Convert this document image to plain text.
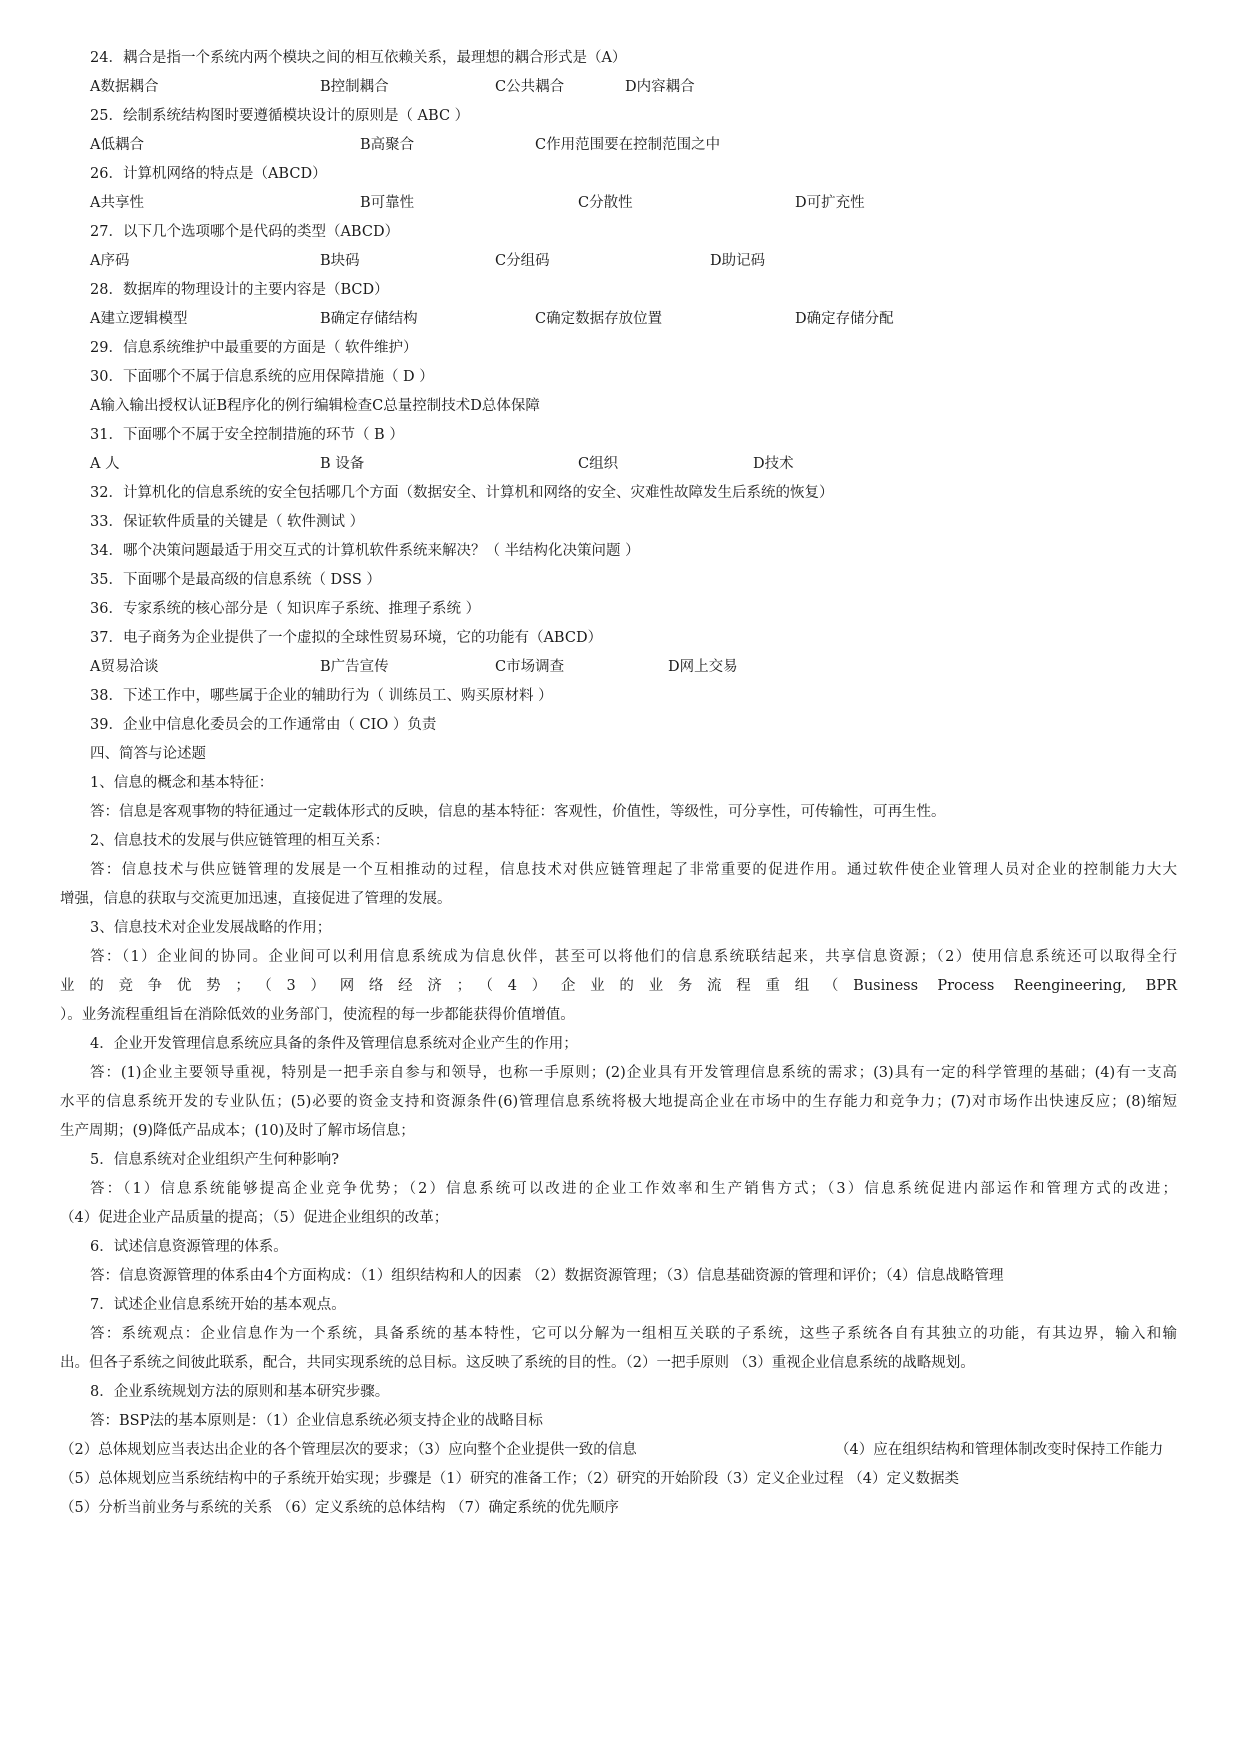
24．耦合是指一个系统内两个模块之间的相互依赖关系，最理想的耦合形式是（A）
A数据耦合	B控制耦合	C公共耦合	D内容耦合
25．绘制系统结构图时要遵循模块设计的原则是（ ABC ）
A低耦合	B高聚合	C作用范围要在控制范围之中
26．计算机网络的特点是（ABCD）
A共享性	B可靠性	C分散性	D可扩充性
27．以下几个选项哪个是代码的类型（ABCD）
A序码	B块码	C分组码	D助记码
28．数据库的物理设计的主要内容是（BCD）
A建立逻辑模型	B确定存储结构	C确定数据存放位置	D确定存储分配
29．信息系统维护中最重要的方面是（ 软件维护）
30．下面哪个不属于信息系统的应用保障措施（ D ）
A输入输出授权认证B程序化的例行编辑检查C总量控制技术D总体保障
31．下面哪个不属于安全控制措施的环节（ B ）
A 人	B 设备	C组织	D技术
32．计算机化的信息系统的安全包括哪几个方面（数据安全、计算机和网络的安全、灾难性故障发生后系统的恢复）
33．保证软件质量的关键是（ 软件测试 ）
34．哪个决策问题最适于用交互式的计算机软件系统来解决？（ 半结构化决策问题 ）
35．下面哪个是最高级的信息系统（ DSS ）
36．专家系统的核心部分是（ 知识库子系统、推理子系统 ）
37．电子商务为企业提供了一个虚拟的全球性贸易环境，它的功能有（ABCD）
A贸易洽谈	B广告宣传	C市场调查	D网上交易
38．下述工作中，哪些属于企业的辅助行为（ 训练员工、购买原材料 ）
39．企业中信息化委员会的工作通常由（ CIO ）负责
四、简答与论述题
1、信息的概念和基本特征：
答：信息是客观事物的特征通过一定载体形式的反映，信息的基本特征：客观性，价值性，等级性，可分享性，可传输性，可再生性。
2、信息技术的发展与供应链管理的相互关系：
答：信息技术与供应链管理的发展是一个互相推动的过程，信息技术对供应链管理起了非常重要的促进作用。通过软件使企业管理人员对企业的控制能力大大
增强，信息的获取与交流更加迅速，直接促进了管理的发展。
3、信息技术对企业发展战略的作用；
答：（1）企业间的协同。企业间可以利用信息系统成为信息伙伴，甚至可以将他们的信息系统联结起来，共享信息资源；（2）使用信息系统还可以取得全行
业的竞争优势；（3）网络经济；（4）企业的业务流程重组（Business Process Reengineering, BPR
）。业务流程重组旨在消除低效的业务部门，使流程的每一步都能获得价值增值。
4．企业开发管理信息系统应具备的条件及管理信息系统对企业产生的作用；
答：(1)企业主要领导重视，特别是一把手亲自参与和领导，也称一手原则；(2)企业具有开发管理信息系统的需求；(3)具有一定的科学管理的基础；(4)有一支高
水平的信息系统开发的专业队伍；(5)必要的资金支持和资源条件(6)管理信息系统将极大地提高企业在市场中的生存能力和竞争力；(7)对市场作出快速反应；(8)缩短
生产周期；(9)降低产品成本；(10)及时了解市场信息；
5．信息系统对企业组织产生何种影响?
答：（1）信息系统能够提高企业竞争优势；（2）信息系统可以改进的企业工作效率和生产销售方式；（3）信息系统促进内部运作和管理方式的改进；
（4）促进企业产品质量的提高；（5）促进企业组织的改革；
6．试述信息资源管理的体系。
答：信息资源管理的体系由4个方面构成：（1）组织结构和人的因素 （2）数据资源管理；（3）信息基础资源的管理和评价；（4）信息战略管理
7．试述企业信息系统开始的基本观点。
答：系统观点：企业信息作为一个系统，具备系统的基本特性，它可以分解为一组相互关联的子系统，这些子系统各自有其独立的功能，有其边界，输入和输
出。但各子系统之间彼此联系，配合，共同实现系统的总目标。这反映了系统的目的性。（2）一把手原则 （3）重视企业信息系统的战略规划。
8．企业系统规划方法的原则和基本研究步骤。
答：BSP法的基本原则是：（1）企业信息系统必须支持企业的战略目标
（2）总体规划应当表达出企业的各个管理层次的要求；（3）应向整个企业提供一致的信息	（4）应在组织结构和管理体制改变时保持工作能力
（5）总体规划应当系统结构中的子系统开始实现；步骤是（1）研究的准备工作；（2）研究的开始阶段（3）定义企业过程 （4）定义数据类
（5）分析当前业务与系统的关系 （6）定义系统的总体结构 （7）确定系统的优先顺序
